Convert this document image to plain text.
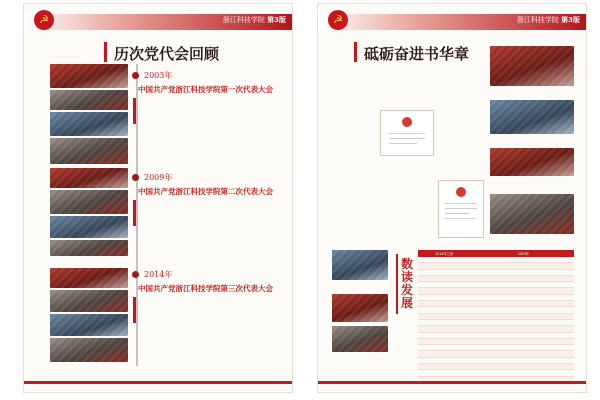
☭	浙江科技学院 第3版
历次党代会回顾
2003年
中国共产党浙江科技学院第一次代表大会

2009年
中国共产党浙江科技学院第二次代表大会

2014年
中国共产党浙江科技学院第三次代表大会

☭	浙江科技学院 第3版
砥砺奋进书华章
数读发展
	2014年之前	2019年
